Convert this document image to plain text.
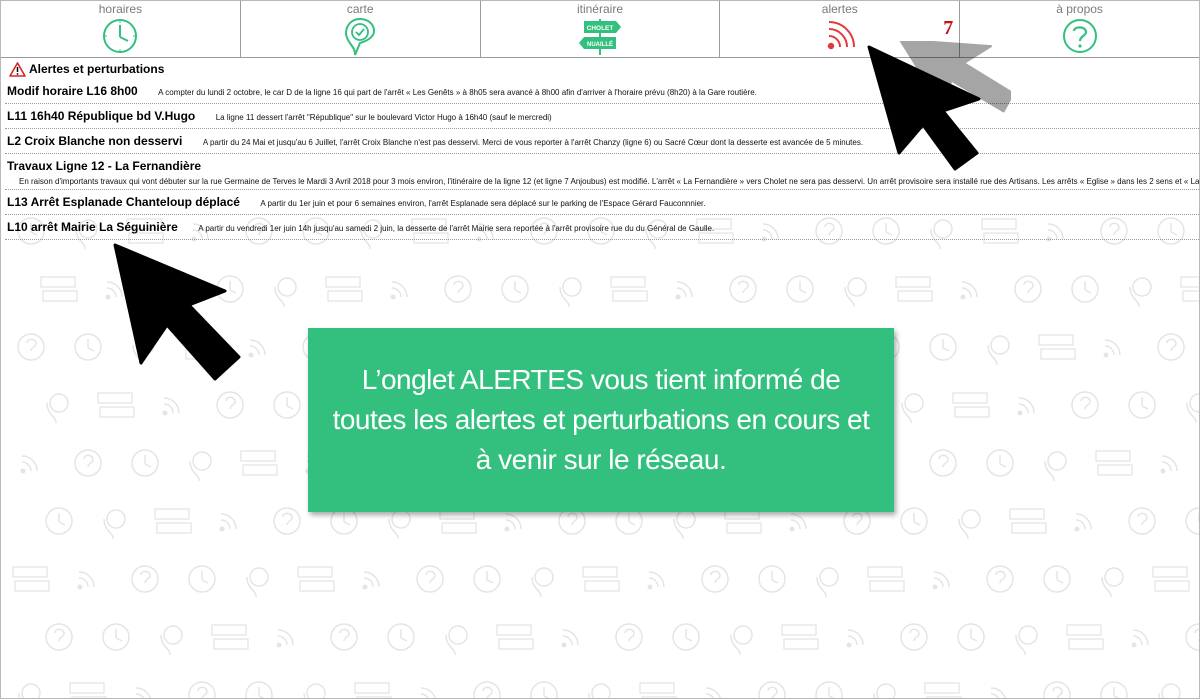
horaires	carte	itinéraire
CHOLET
NUAILLÉ
alertes
7
à propos
Alertes et perturbations
Modif horaire L16 8h00	A compter du lundi 2 octobre, le car D de la ligne 16 qui part de l'arrêt « Les Genêts » à 8h05 sera avancé à 8h00 afin d'arriver à l'horaire prévu (8h20) à la Gare routière.
L11 16h40 République bd V.Hugo	La ligne 11 dessert l'arrêt "République" sur le boulevard Victor Hugo à 16h40 (sauf le mercredi)
L2 Croix Blanche non desservi	A partir du 24 Mai et jusqu'au 6 Juillet, l'arrêt Croix Blanche n'est pas desservi. Merci de vous reporter à l'arrêt Chanzy (ligne 6) ou Sacré Cœur dont la desserte est avancée de 5 minutes.
Travaux Ligne 12 - La Fernandière
En raison d'importants travaux qui vont débuter sur la rue Germaine de Terves le Mardi 3 Avril 2018 pour 3 mois environ, l'itinéraire de la ligne 12 (et ligne 7 Anjoubus) est modifié. L'arrêt « La Fernandière » vers Cholet ne sera pas desservi. Un arrêt provisoire sera installé rue des Artisans. Les arrêts « Eglise » dans les 2 sens et « La
L13 Arrêt Esplanade Chanteloup déplacé	A partir du 1er juin et pour 6 semaines environ, l'arrêt Esplanade sera déplacé sur le parking de l'Espace Gérard Fauconnnier.
L10 arrêt Mairie La Séguinière	A partir du vendredi 1er juin 14h jusqu'au samedi 2 juin, la desserte de l'arrêt Mairie sera reportée à l'arrêt provisoire rue du du Général de Gaulle.
L’onglet ALERTES vous tient informé de toutes les alertes et perturbations en cours et à venir sur le réseau.
